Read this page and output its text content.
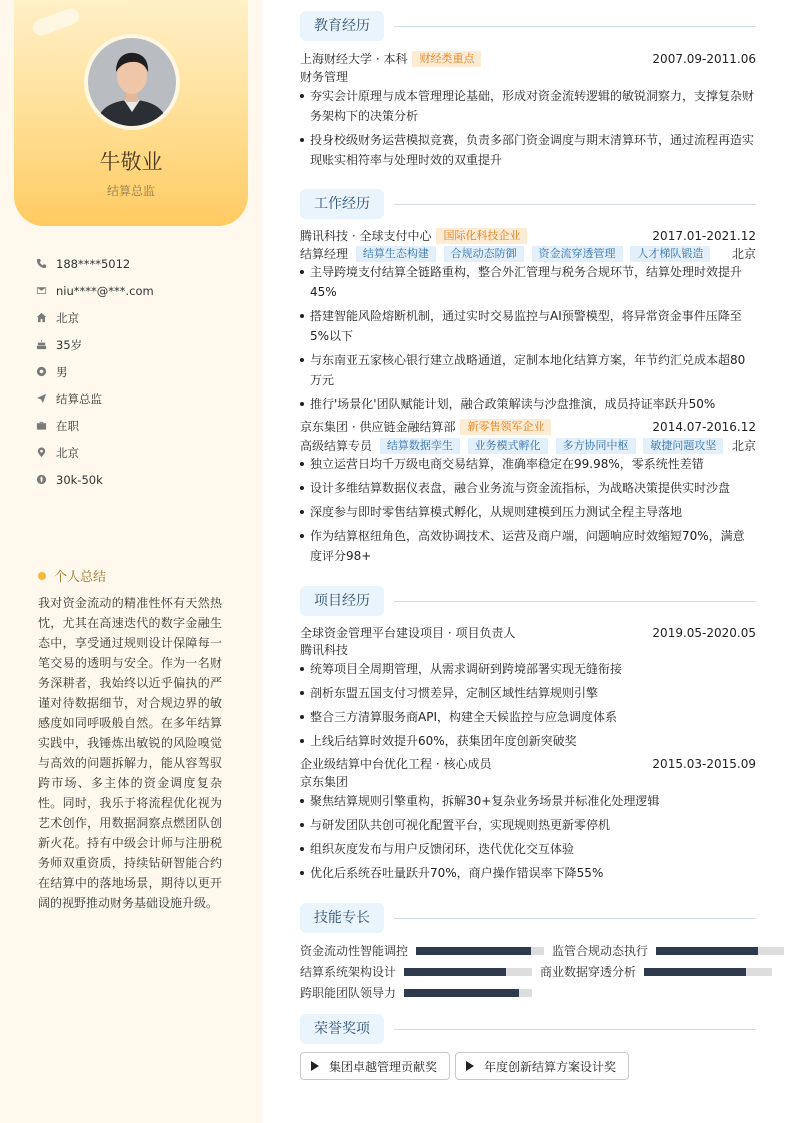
牛敬业
结算总监
188****5012
niu****@***.com
北京
35岁
男
结算总监
在职
北京
30k-50k
个人总结
我对资金流动的精准性怀有天然热忱，尤其在高速迭代的数字金融生态中，享受通过规则设计保障每一笔交易的透明与安全。作为一名财务深耕者，我始终以近乎偏执的严谨对待数据细节，对合规边界的敏感度如同呼吸般自然。在多年结算实践中，我锤炼出敏锐的风险嗅觉与高效的问题拆解力，能从容驾驭跨市场、多主体的资金调度复杂性。同时，我乐于将流程优化视为艺术创作，用数据洞察点燃团队创新火花。持有中级会计师与注册税务师双重资质，持续钻研智能合约在结算中的落地场景，期待以更开阔的视野推动财务基础设施升级。
教育经历
上海财经大学 · 本科 财经类重点	2007.09-2011.06
财务管理
夯实会计原理与成本管理理论基础，形成对资金流转逻辑的敏锐洞察力，支撑复杂财务架构下的决策分析
投身校级财务运营模拟竞赛，负责多部门资金调度与期末清算环节，通过流程再造实现账实相符率与处理时效的双重提升
工作经历
腾讯科技 · 全球支付中心 国际化科技企业	2017.01-2021.12
结算经理 结算生态构建 合规动态防御 资金流穿透管理 人才梯队锻造 北京
主导跨境支付结算全链路重构，整合外汇管理与税务合规环节，结算处理时效提升45%
搭建智能风险熔断机制，通过实时交易监控与AI预警模型，将异常资金事件压降至5%以下
与东南亚五家核心银行建立战略通道，定制本地化结算方案，年节约汇兑成本超80万元
推行'场景化'团队赋能计划，融合政策解读与沙盘推演，成员持证率跃升50%
京东集团 · 供应链金融结算部 新零售领军企业	2014.07-2016.12
高级结算专员 结算数据孪生 业务模式孵化 多方协同中枢 敏捷问题攻坚 北京
独立运营日均千万级电商交易结算，准确率稳定在99.98%，零系统性差错
设计多维结算数据仪表盘，融合业务流与资金流指标，为战略决策提供实时沙盘
深度参与即时零售结算模式孵化，从规则建模到压力测试全程主导落地
作为结算枢纽角色，高效协调技术、运营及商户端，问题响应时效缩短70%，满意度评分98+
项目经历
全球资金管理平台建设项目 · 项目负责人	2019.05-2020.05
腾讯科技
统筹项目全周期管理，从需求调研到跨境部署实现无缝衔接
剖析东盟五国支付习惯差异，定制区域性结算规则引擎
整合三方清算服务商API，构建全天候监控与应急调度体系
上线后结算时效提升60%，获集团年度创新突破奖
企业级结算中台优化工程 · 核心成员	2015.03-2015.09
京东集团
聚焦结算规则引擎重构，拆解30+复杂业务场景并标准化处理逻辑
与研发团队共创可视化配置平台，实现规则热更新零停机
组织灰度发布与用户反馈闭环，迭代优化交互体验
优化后系统吞吐量跃升70%，商户操作错误率下降55%
技能专长
资金流动性智能调控	监管合规动态执行
结算系统架构设计	商业数据穿透分析
跨职能团队领导力
荣誉奖项
集团卓越管理贡献奖	年度创新结算方案设计奖
